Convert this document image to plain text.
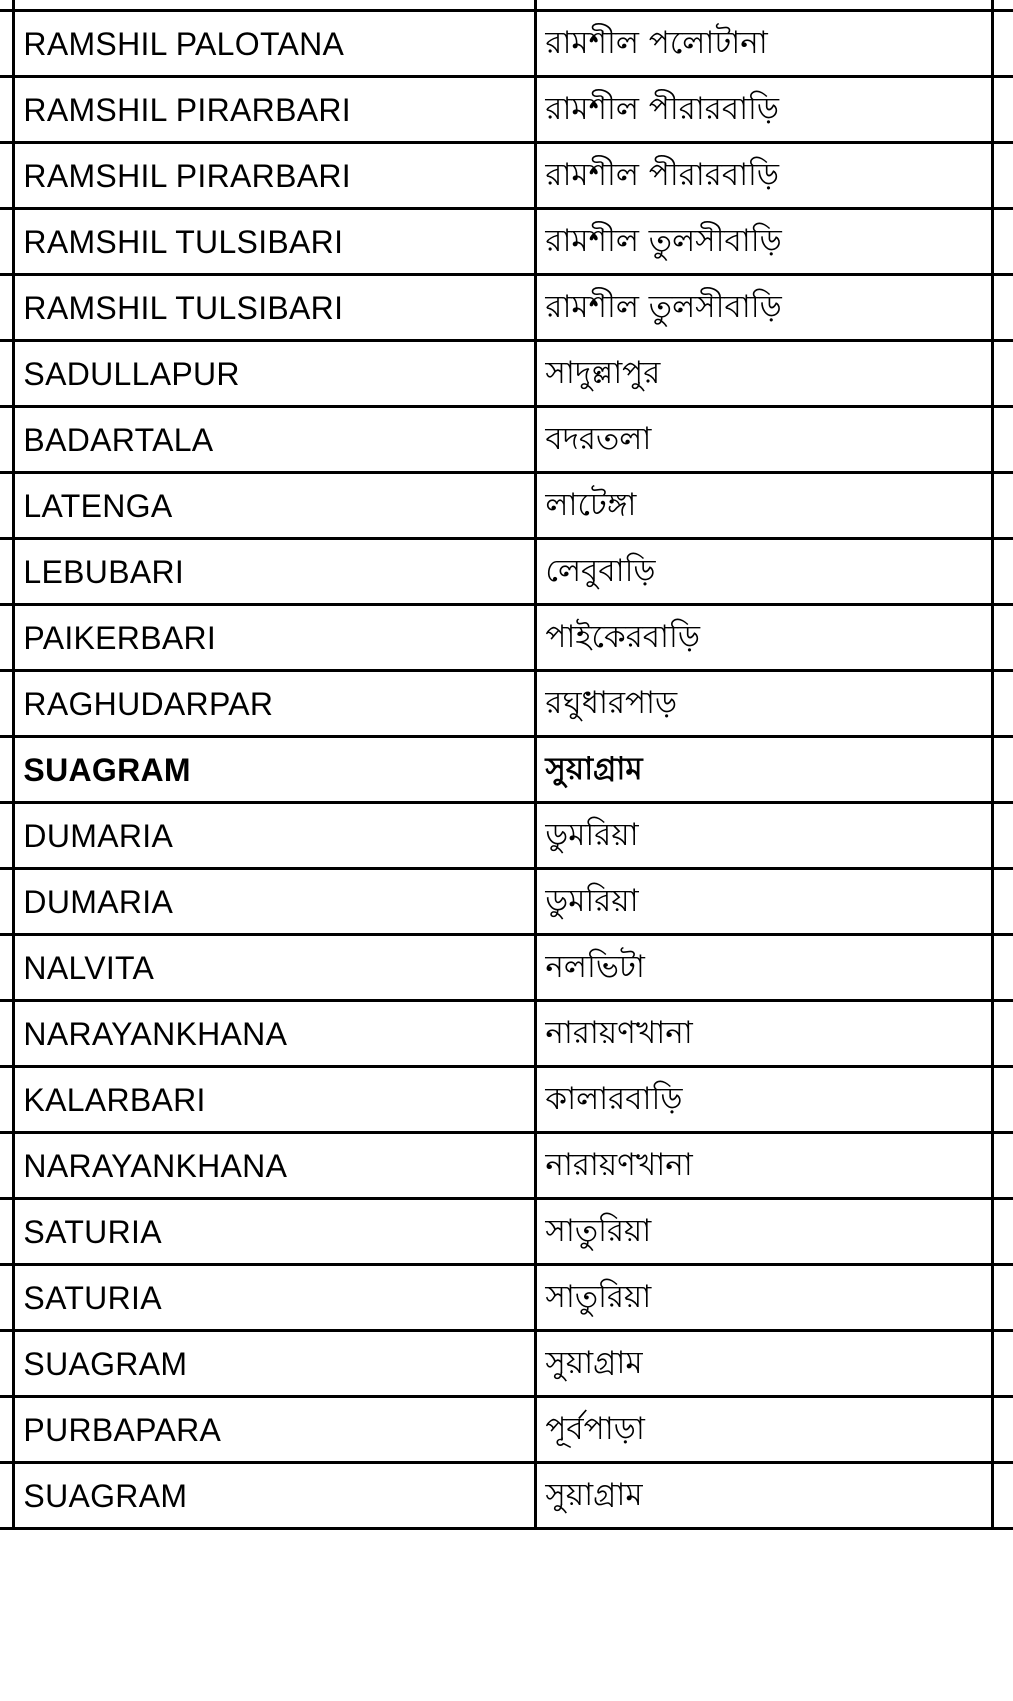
	RAMSHIL PALOTANA	রামশীল পলোটানা	
	RAMSHIL PIRARBARI	রামশীল পীরারবাড়ি	
	RAMSHIL PIRARBARI	রামশীল পীরারবাড়ি	
	RAMSHIL TULSIBARI	রামশীল তুলসীবাড়ি	
	RAMSHIL TULSIBARI	রামশীল তুলসীবাড়ি	
	SADULLAPUR	সাদুল্লাপুর	
	BADARTALA	বদরতলা	
	LATENGA	লাটেঙ্গা	
	LEBUBARI	লেবুবাড়ি	
	PAIKERBARI	পাইকেরবাড়ি	
	RAGHUDARPAR	রঘুধারপাড়	
	SUAGRAM	সুয়াগ্রাম	
	DUMARIA	ডুমরিয়া	
	DUMARIA	ডুমরিয়া	
	NALVITA	নলভিটা	
	NARAYANKHANA	নারায়ণখানা	
	KALARBARI	কালারবাড়ি	
	NARAYANKHANA	নারায়ণখানা	
	SATURIA	সাতুরিয়া	
	SATURIA	সাতুরিয়া	
	SUAGRAM	সুয়াগ্রাম	
	PURBAPARA	পূর্বপাড়া	
	SUAGRAM	সুয়াগ্রাম	
